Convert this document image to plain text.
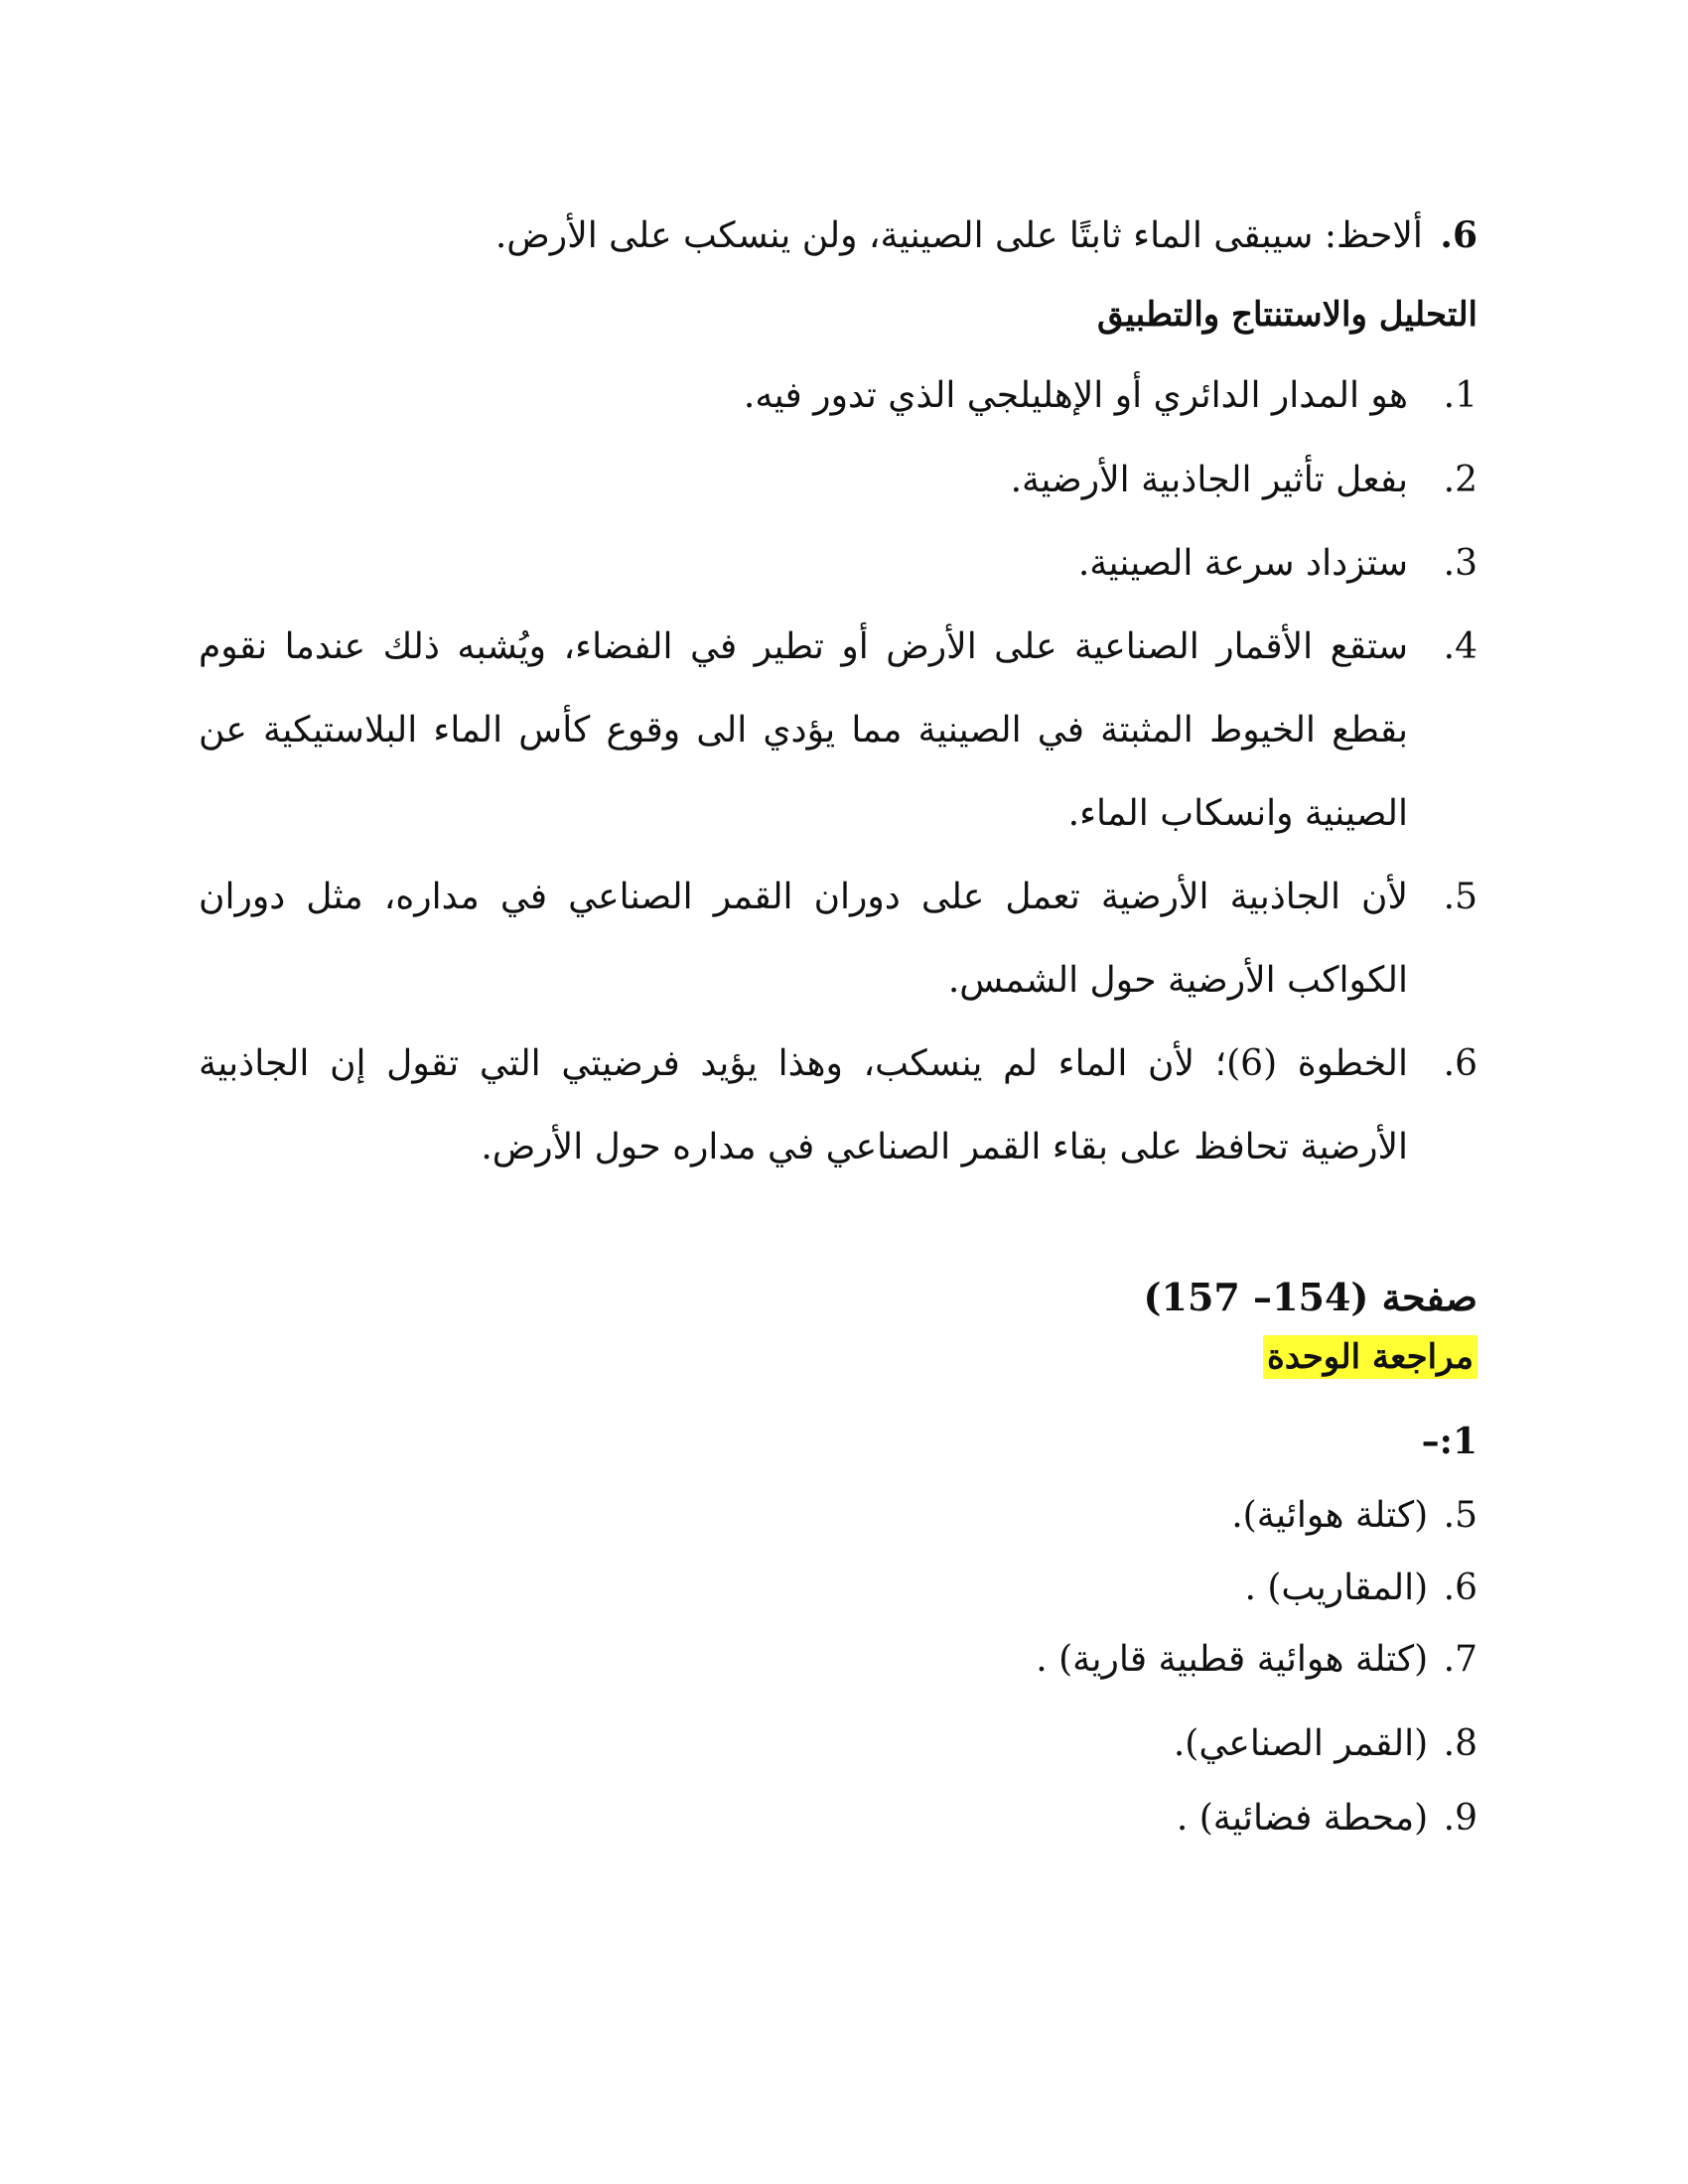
6. ألاحظ: سيبقى الماء ثابتًا على الصينية، ولن ينسكب على الأرض.
التحليل والاستنتاج والتطبيق
1.
هو المدار الدائري أو الإهليلجي الذي تدور فيه.
2.
بفعل تأثير الجاذبية الأرضية.
3.
ستزداد سرعة الصينية.
4.
ستقع الأقمار الصناعية على الأرض أو تطير في الفضاء، ويُشبه ذلك عندما نقوم بقطع الخيوط المثبتة في الصينية مما يؤدي الى وقوع كأس الماء البلاستيكية عن الصينية وانسكاب الماء.
5.
لأن الجاذبية الأرضية تعمل على دوران القمر الصناعي في مداره، مثل دوران الكواكب الأرضية حول الشمس.
6.
الخطوة (6)؛ لأن الماء لم ينسكب، وهذا يؤيد فرضيتي التي تقول إن الجاذبية الأرضية تحافظ على بقاء القمر الصناعي في مداره حول الأرض.
صفحة (154– 157)
مراجعة الوحدة
1:–
5. (كتلة هوائية).
6. (المقاريب) .
7. (كتلة هوائية قطبية قارية) .
8. (القمر الصناعي).
9. (محطة فضائية) .
